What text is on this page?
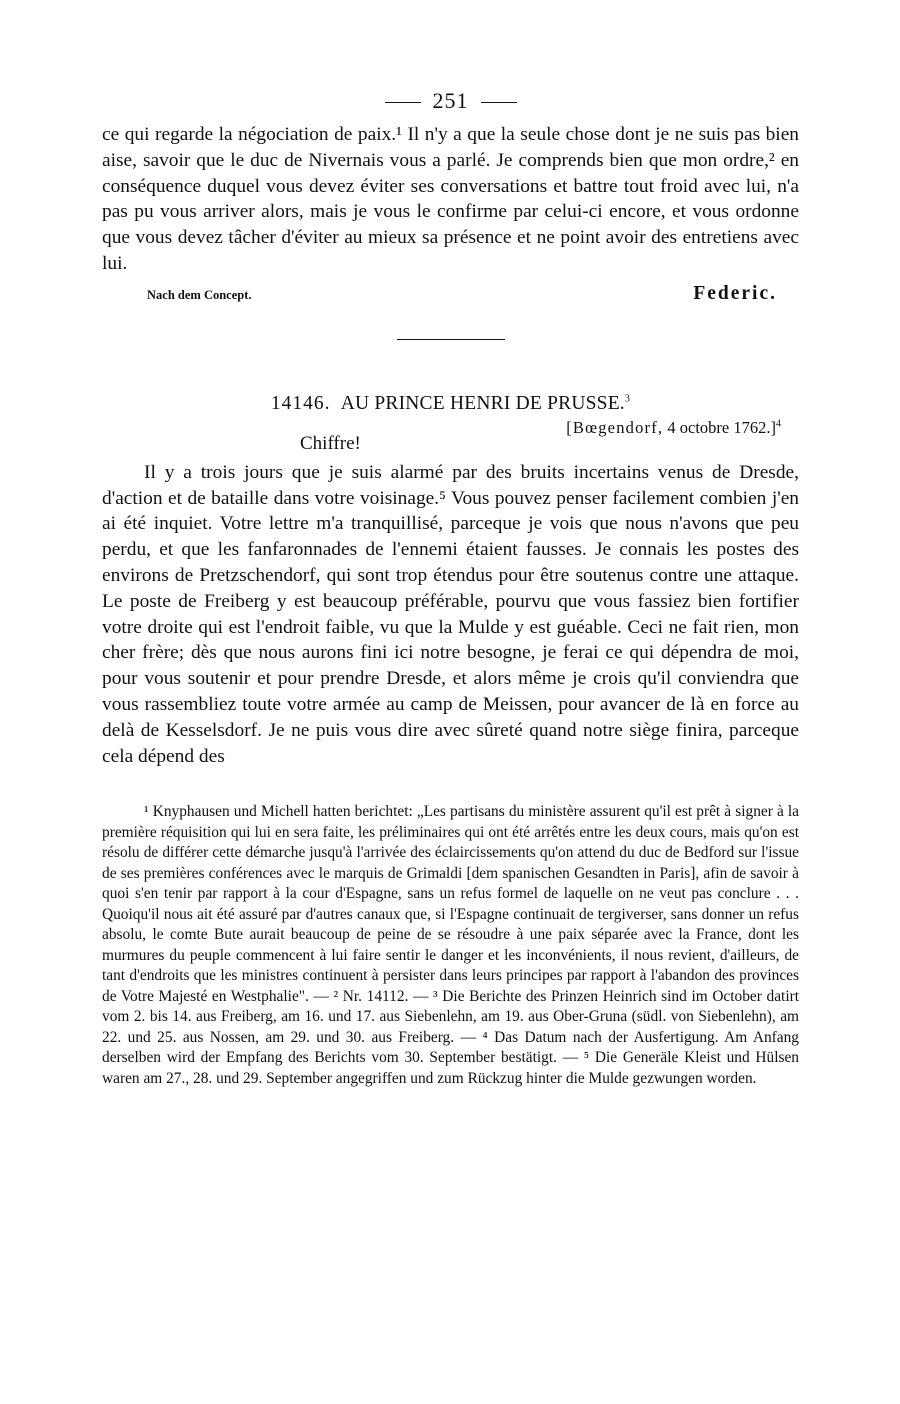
251

ce qui regarde la négociation de paix.¹ Il n'y a que la seule chose dont je ne suis pas bien aise, savoir que le duc de Nivernais vous a parlé. Je comprends bien que mon ordre,² en conséquence duquel vous devez éviter ses conversations et battre tout froid avec lui, n'a pas pu vous arriver alors, mais je vous le confirme par celui-ci encore, et vous ordonne que vous devez tâcher d'éviter au mieux sa présence et ne point avoir des entretiens avec lui.

Nach dem Concept.	Federic.
14146. AU PRINCE HENRI DE PRUSSE.$^3$
[Bœgendorf, 4 octobre 1762.]$^4$
Chiffre!

Il y a trois jours que je suis alarmé par des bruits incertains venus de Dresde, d'action et de bataille dans votre voisinage.⁵ Vous pouvez penser facilement combien j'en ai été inquiet. Votre lettre m'a tranquillisé, parceque je vois que nous n'avons que peu perdu, et que les fanfaronnades de l'ennemi étaient fausses. Je connais les postes des environs de Pretzschendorf, qui sont trop étendus pour être soutenus contre une attaque. Le poste de Freiberg y est beaucoup préférable, pourvu que vous fassiez bien fortifier votre droite qui est l'endroit faible, vu que la Mulde y est guéable. Ceci ne fait rien, mon cher frère; dès que nous aurons fini ici notre besogne, je ferai ce qui dépendra de moi, pour vous soutenir et pour prendre Dresde, et alors même je crois qu'il conviendra que vous rassembliez toute votre armée au camp de Meissen, pour avancer de là en force au delà de Kesselsdorf. Je ne puis vous dire avec sûreté quand notre siège finira, parceque cela dépend des

¹ Knyphausen und Michell hatten berichtet: „Les partisans du ministère assurent qu'il est prêt à signer à la première réquisition qui lui en sera faite, les préliminaires qui ont été arrêtés entre les deux cours, mais qu'on est résolu de différer cette démarche jusqu'à l'arrivée des éclaircissements qu'on attend du duc de Bedford sur l'issue de ses premières conférences avec le marquis de Grimaldi [dem spanischen Gesandten in Paris], afin de savoir à quoi s'en tenir par rapport à la cour d'Espagne, sans un refus formel de laquelle on ne veut pas conclure . . . Quoiqu'il nous ait été assuré par d'autres canaux que, si l'Espagne continuait de tergiverser, sans donner un refus absolu, le comte Bute aurait beaucoup de peine de se résoudre à une paix séparée avec la France, dont les murmures du peuple commencent à lui faire sentir le danger et les inconvénients, il nous revient, d'ailleurs, de tant d'endroits que les ministres continuent à persister dans leurs principes par rapport à l'abandon des provinces de Votre Majesté en Westphalie". — ² Nr. 14112. — ³ Die Berichte des Prinzen Heinrich sind im October datirt vom 2. bis 14. aus Freiberg, am 16. und 17. aus Siebenlehn, am 19. aus Ober-Gruna (südl. von Siebenlehn), am 22. und 25. aus Nossen, am 29. und 30. aus Freiberg. — ⁴ Das Datum nach der Ausfertigung. Am Anfang derselben wird der Empfang des Berichts vom 30. September bestätigt. — ⁵ Die Generäle Kleist und Hülsen waren am 27., 28. und 29. September angegriffen und zum Rückzug hinter die Mulde gezwungen worden.
